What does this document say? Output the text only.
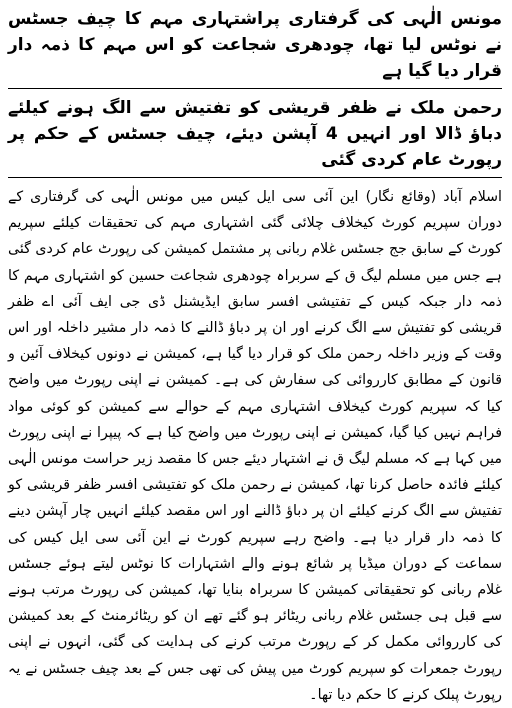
مونس الٰہی کی گرفتاری پراشتہاری مہم کا چیف جسٹس نے نوٹس لیا تھا، چودھری شجاعت کو اس مہم کا ذمہ دار قرار دیا گیا ہے
رحمن ملک نے ظفر قریشی کو تفتیش سے الگ ہونے کیلئے دباؤ ڈالا اور انہیں 4 آپشن دیئے، چیف جسٹس کے حکم پر رپورٹ عام کردی گئی

اسلام آباد (وقائع نگار) این آئی سی ایل کیس میں مونس الٰہی کی گرفتاری کے دوران سپریم کورٹ کیخلاف چلائی گئی اشتہاری مہم کی تحقیقات کیلئے سپریم کورٹ کے سابق جج جسٹس غلام ربانی پر مشتمل کمیشن کی رپورٹ عام کردی گئی ہے جس میں مسلم لیگ ق کے سربراہ چودھری شجاعت حسین کو اشتہاری مہم کا ذمہ دار جبکہ کیس کے تفتیشی افسر سابق ایڈیشنل ڈی جی ایف آئی اے ظفر قریشی کو تفتیش سے الگ کرنے اور ان پر دباؤ ڈالنے کا ذمہ دار مشیر داخلہ اور اس وقت کے وزیر داخلہ رحمن ملک کو قرار دیا گیا ہے، کمیشن نے دونوں کیخلاف آئین و قانون کے مطابق کارروائی کی سفارش کی ہے۔ کمیشن نے اپنی رپورٹ میں واضح کیا کہ سپریم کورٹ کیخلاف اشتہاری مہم کے حوالے سے کمیشن کو کوئی مواد فراہم نہیں کیا گیا، کمیشن نے اپنی رپورٹ میں واضح کیا ہے کہ پیپرا نے اپنی رپورٹ میں کہا ہے کہ مسلم لیگ ق نے اشتہار دیئے جس کا مقصد زیر حراست مونس الٰہی کیلئے فائدہ حاصل کرنا تھا، کمیشن نے رحمن ملک کو تفتیشی افسر ظفر قریشی کو تفتیش سے الگ کرنے کیلئے ان پر دباؤ ڈالنے اور اس مقصد کیلئے انہیں چار آپشن دینے کا ذمہ دار قرار دیا ہے۔ واضح رہے سپریم کورٹ نے این آئی سی ایل کیس کی سماعت کے دوران میڈیا پر شائع ہونے والے اشتہارات کا نوٹس لیتے ہوئے جسٹس غلام ربانی کو تحقیقاتی کمیشن کا سربراہ بنایا تھا، کمیشن کی رپورٹ مرتب ہونے سے قبل ہی جسٹس غلام ربانی ریٹائر ہو گئے تھے ان کو ریٹائرمنٹ کے بعد کمیشن کی کارروائی مکمل کر کے رپورٹ مرتب کرنے کی ہدایت کی گئی، انہوں نے اپنی رپورٹ جمعرات کو سپریم کورٹ میں پیش کی تھی جس کے بعد چیف جسٹس نے یہ رپورٹ پبلک کرنے کا حکم دیا تھا۔
